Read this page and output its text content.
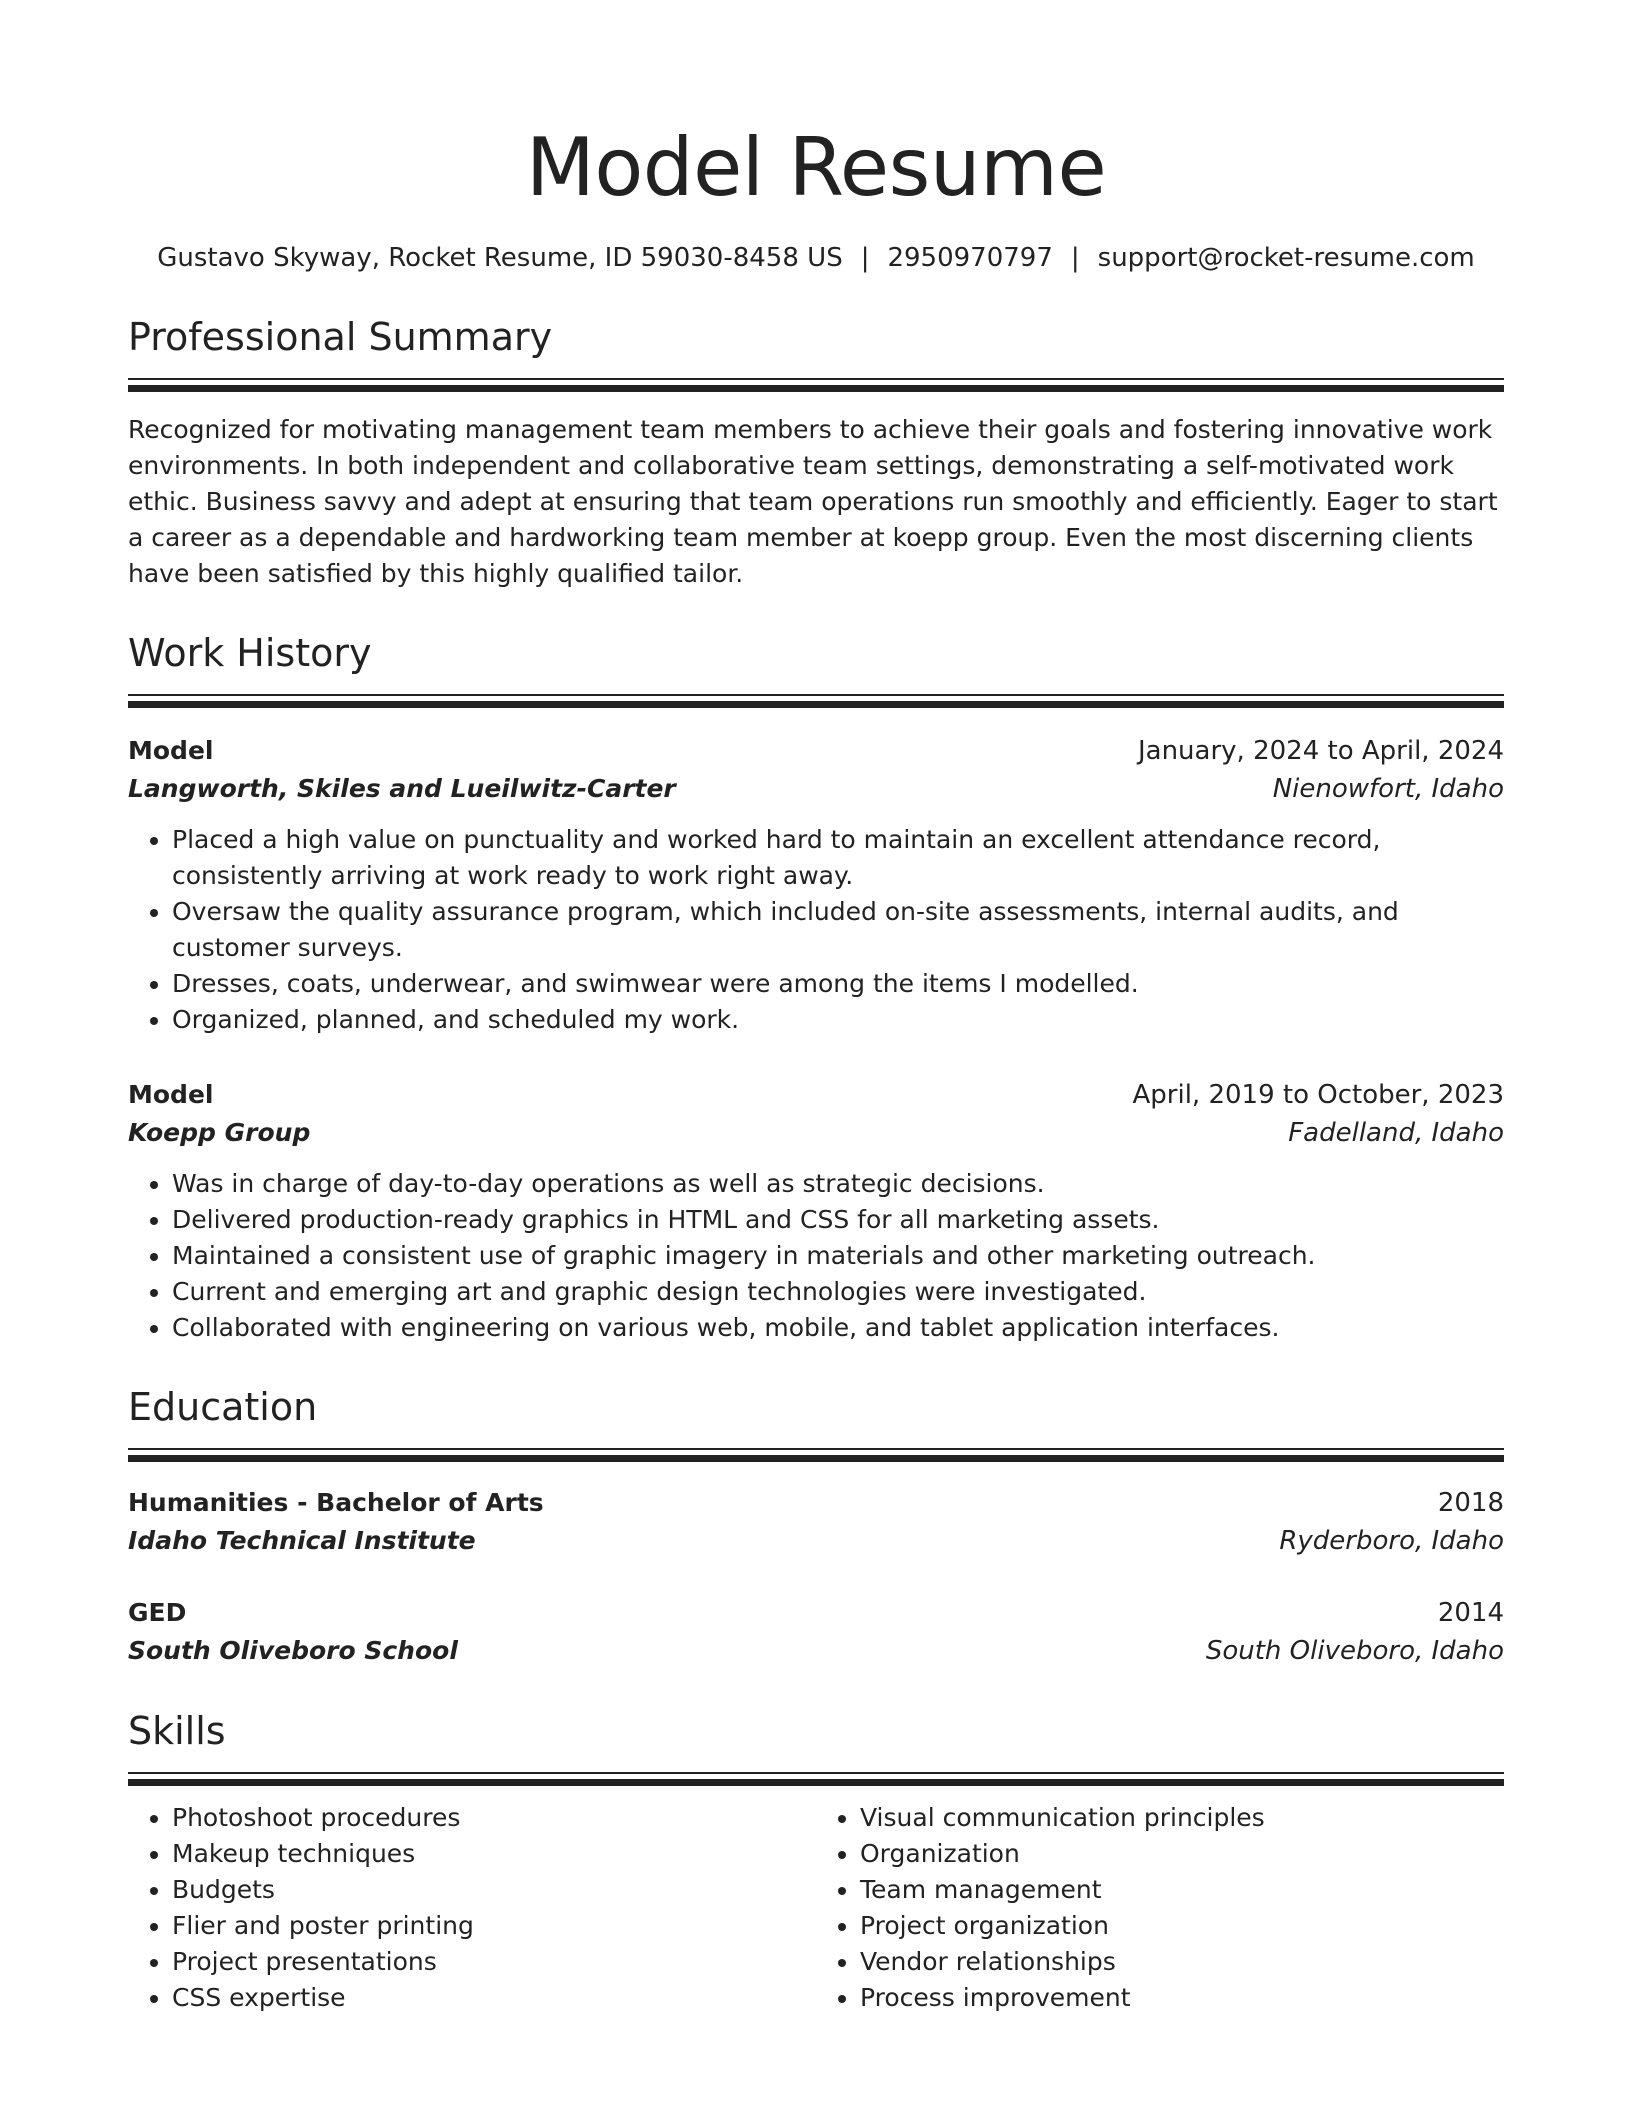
Model Resume
Gustavo Skyway, Rocket Resume, ID 59030-8458 US | 2950970797 | support@rocket-resume.com
Professional Summary
Recognized for motivating management team members to achieve their goals and fostering innovative work environments. In both independent and collaborative team settings, demonstrating a self-motivated work ethic. Business savvy and adept at ensuring that team operations run smoothly and efficiently. Eager to start a career as a dependable and hardworking team member at koepp group. Even the most discerning clients have been satisfied by this highly qualified tailor.
Work History
Model	January, 2024 to April, 2024
Langworth, Skiles and Lueilwitz-Carter	Nienowfort, Idaho
• Placed a high value on punctuality and worked hard to maintain an excellent attendance record, consistently arriving at work ready to work right away.
• Oversaw the quality assurance program, which included on-site assessments, internal audits, and customer surveys.
• Dresses, coats, underwear, and swimwear were among the items I modelled.
• Organized, planned, and scheduled my work.
Model	April, 2019 to October, 2023
Koepp Group	Fadelland, Idaho
• Was in charge of day-to-day operations as well as strategic decisions.
• Delivered production-ready graphics in HTML and CSS for all marketing assets.
• Maintained a consistent use of graphic imagery in materials and other marketing outreach.
• Current and emerging art and graphic design technologies were investigated.
• Collaborated with engineering on various web, mobile, and tablet application interfaces.
Education
Humanities - Bachelor of Arts	2018
Idaho Technical Institute	Ryderboro, Idaho
GED	2014
South Oliveboro School	South Oliveboro, Idaho
Skills
• Photoshoot procedures
• Makeup techniques
• Budgets
• Flier and poster printing
• Project presentations
• CSS expertise
• Visual communication principles
• Organization
• Team management
• Project organization
• Vendor relationships
• Process improvement
